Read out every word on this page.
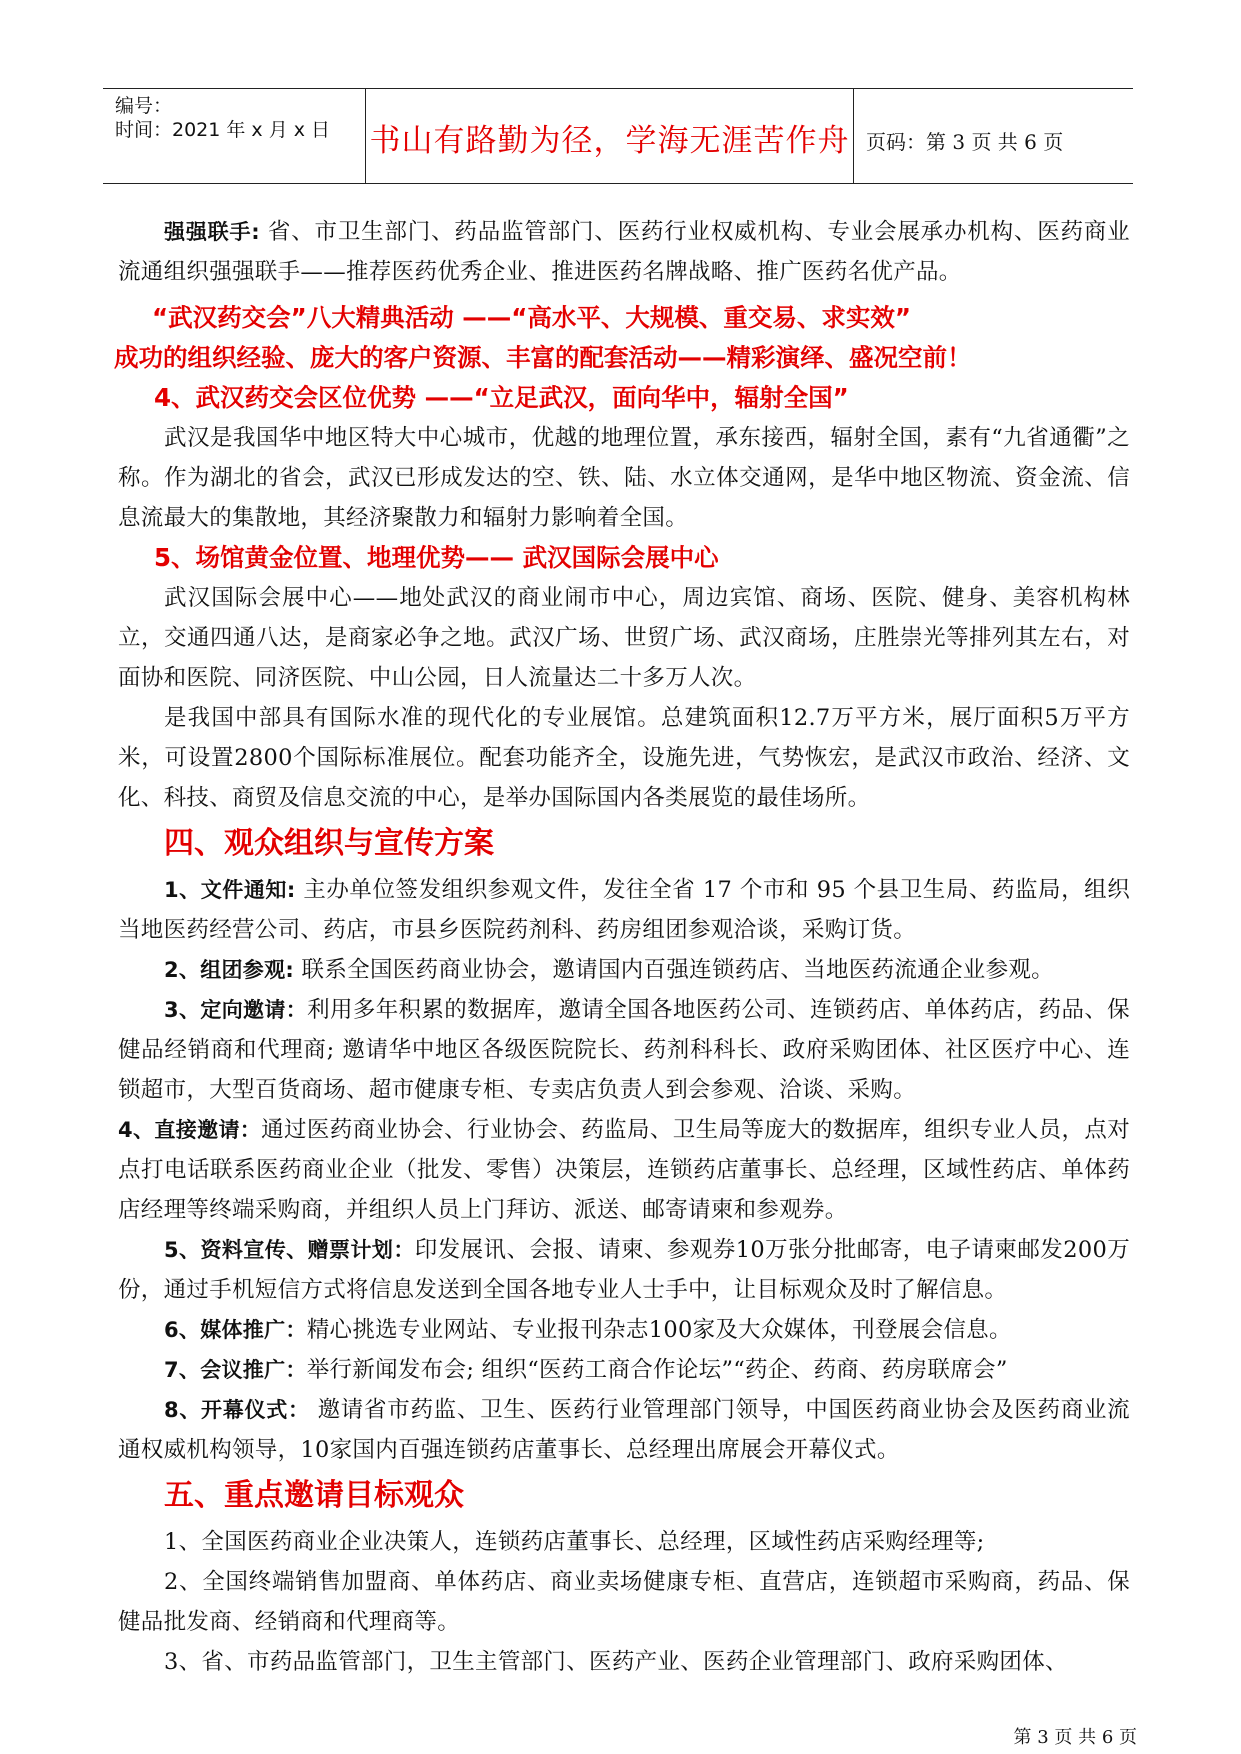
编号：
时间：2021 年 x 月 x 日 书山有路勤为径，学海无涯苦作舟 页码：第 3 页 共 6 页

强强联手: 省、市卫生部门、药品监管部门、医药行业权威机构、专业会展承办机构、医药商业流通组织强强联手——推荐医药优秀企业、推进医药名牌战略、推广医药名优产品。

“武汉药交会”八大精典活动 ——“高水平、大规模、重交易、求实效”

成功的组织经验、庞大的客户资源、丰富的配套活动——精彩演绎、盛况空前！

4、武汉药交会区位优势 ——“立足武汉，面向华中，辐射全国”

武汉是我国华中地区特大中心城市，优越的地理位置，承东接西，辐射全国，素有“九省通衢”之称。作为湖北的省会，武汉已形成发达的空、铁、陆、水立体交通网，是华中地区物流、资金流、信息流最大的集散地，其经济聚散力和辐射力影响着全国。

5、场馆黄金位置、地理优势—— 武汉国际会展中心

武汉国际会展中心——地处武汉的商业闹市中心，周边宾馆、商场、医院、健身、美容机构林立，交通四通八达，是商家必争之地。武汉广场、世贸广场、武汉商场，庄胜崇光等排列其左右，对面协和医院、同济医院、中山公园，日人流量达二十多万人次。

是我国中部具有国际水准的现代化的专业展馆。总建筑面积12.7万平方米，展厅面积5万平方米，可设置2800个国际标准展位。配套功能齐全，设施先进，气势恢宏，是武汉市政治、经济、文化、科技、商贸及信息交流的中心，是举办国际国内各类展览的最佳场所。

四、观众组织与宣传方案

1、文件通知: 主办单位签发组织参观文件，发往全省 17 个市和 95 个县卫生局、药监局，组织当地医药经营公司、药店，市县乡医院药剂科、药房组团参观洽谈，采购订货。

2、组团参观: 联系全国医药商业协会，邀请国内百强连锁药店、当地医药流通企业参观。

3、定向邀请：利用多年积累的数据库，邀请全国各地医药公司、连锁药店、单体药店，药品、保健品经销商和代理商; 邀请华中地区各级医院院长、药剂科科长、政府采购团体、社区医疗中心、连锁超市，大型百货商场、超市健康专柜、专卖店负责人到会参观、洽谈、采购。

4、直接邀请：通过医药商业协会、行业协会、药监局、卫生局等庞大的数据库，组织专业人员，点对点打电话联系医药商业企业（批发、零售）决策层，连锁药店董事长、总经理，区域性药店、单体药店经理等终端采购商，并组织人员上门拜访、派送、邮寄请柬和参观券。

5、资料宣传、赠票计划：印发展讯、会报、请柬、参观券10万张分批邮寄，电子请柬邮发200万份，通过手机短信方式将信息发送到全国各地专业人士手中，让目标观众及时了解信息。

6、媒体推广：精心挑选专业网站、专业报刊杂志100家及大众媒体，刊登展会信息。

7、会议推广：举行新闻发布会; 组织“医药工商合作论坛”“药企、药商、药房联席会”

8、开幕仪式： 邀请省市药监、卫生、医药行业管理部门领导，中国医药商业协会及医药商业流通权威机构领导，10家国内百强连锁药店董事长、总经理出席展会开幕仪式。

五、重点邀请目标观众

1、全国医药商业企业决策人，连锁药店董事长、总经理，区域性药店采购经理等;

2、全国终端销售加盟商、单体药店、商业卖场健康专柜、直营店，连锁超市采购商，药品、保健品批发商、经销商和代理商等。

3、省、市药品监管部门，卫生主管部门、医药产业、医药企业管理部门、政府采购团体、

第 3 页 共 6 页
